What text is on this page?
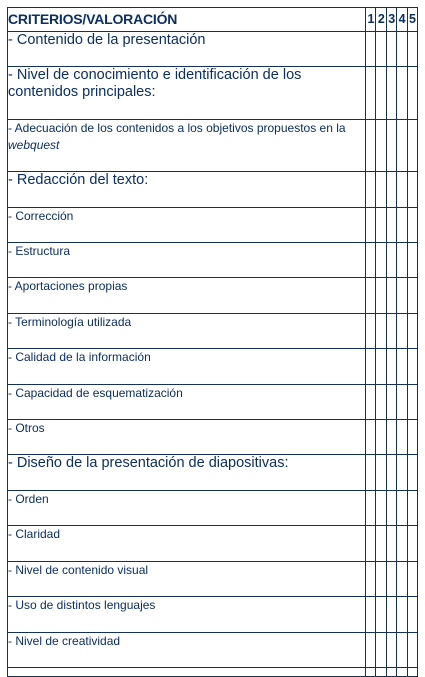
CRITERIOS/VALORACIÓN	1	2	3	4	5
- Contenido de la presentación					
- Nivel de conocimiento e identificación de los contenidos principales:					
- Adecuación de los contenidos a los objetivos propuestos en la webquest					
- Redacción del texto:					
- Corrección					
- Estructura					
- Aportaciones propias					
- Terminología utilizada					
- Calidad de la información					
- Capacidad de esquematización					
- Otros					
- Diseño de la presentación de diapositivas:					
- Orden					
- Claridad					
- Nivel de contenido visual					
- Uso de distintos lenguajes					
- Nivel de creatividad					
